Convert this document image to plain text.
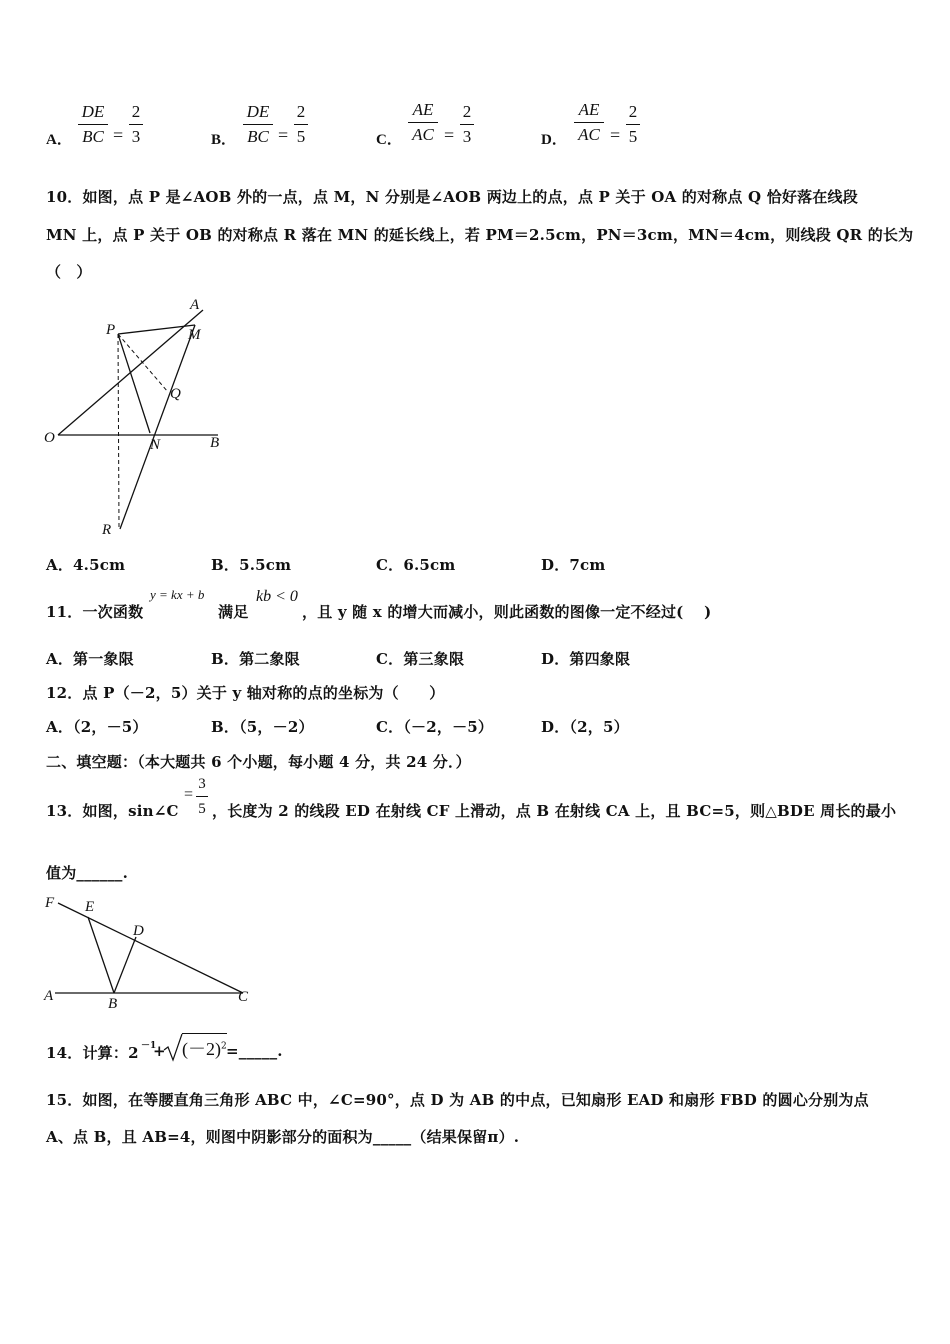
A．
DE
BC =
2
3	B．
DE
BC =
2
5	C．
AE
AC =
2
3	D．
AE
AC =
2
5
10．如图，点 P 是∠AOB 外的一点，点 M，N 分别是∠AOB 两边上的点，点 P 关于 OA 的对称点 Q 恰好落在线段
MN 上，点 P 关于 OB 的对称点 R 落在 MN 的延长线上，若 PM＝2.5cm，PN＝3cm，MN＝4cm，则线段 QR 的长为
（　）
A
M
P
Q
O	N	B
R
A．4.5cm	B．5.5cm	C．6.5cm	D．7cm
11．一次函数
y = kx + b
满足
kb < 0
，且 y 随 x 的增大而减小，则此函数的图像一定不经过(　 )
A．第一象限	B．第二象限	C．第三象限	D．第四象限
12．点 P（－2，5）关于 y 轴对称的点的坐标为（　　）
A．（2，－5）	B．（5，－2）	C．（－2，－5）	D．（2，5）
二、填空题：（本大题共 6 个小题，每小题 4 分，共 24 分．）
13．如图，sin∠C
=
3
5 ，长度为 2 的线段 ED 在射线 CF 上滑动，点 B 在射线 CA 上，且 BC=5，则△BDE 周长的最小
值为______.
F E
D
A	B	C
14．计算：2 －1
+ $(-2)^2$ =_____.
15．如图，在等腰直角三角形 ABC 中，∠C=90°，点 D 为 AB 的中点，已知扇形 EAD 和扇形 FBD 的圆心分别为点
A、点 B，且 AB=4，则图中阴影部分的面积为_____（结果保留π）.
